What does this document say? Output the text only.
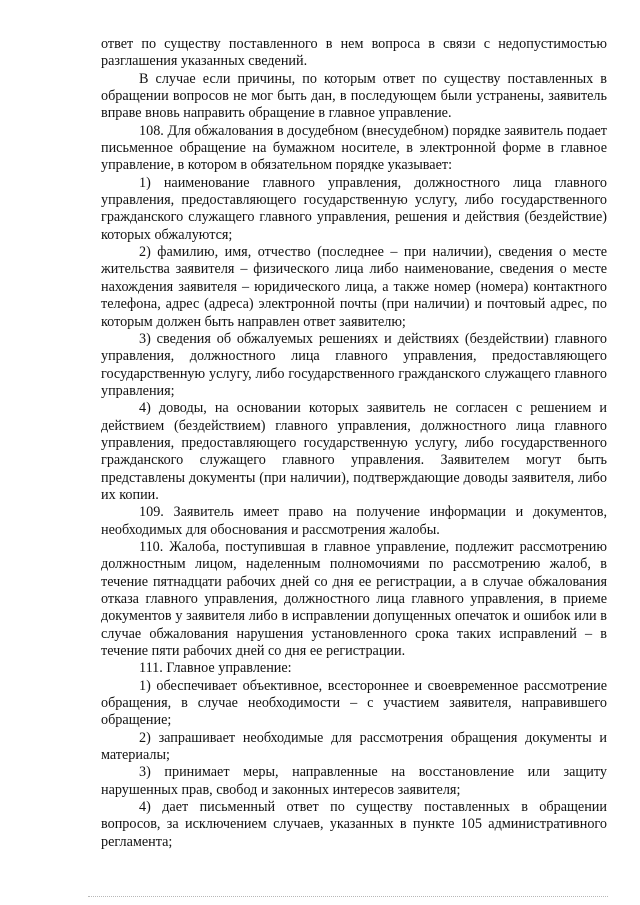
ответ по существу поставленного в нем вопроса в связи с недопустимостью разглашения указанных сведений.

В случае если причины, по которым ответ по существу поставленных в обращении вопросов не мог быть дан, в последующем были устранены, заявитель вправе вновь направить обращение в главное управление.

108. Для обжалования в досудебном (внесудебном) порядке заявитель подает письменное обращение на бумажном носителе, в электронной форме в главное управление, в котором в обязательном порядке указывает:

1) наименование главного управления, должностного лица главного управления, предоставляющего государственную услугу, либо государственного гражданского служащего главного управления, решения и действия (бездействие) которых обжалуются;

2) фамилию, имя, отчество (последнее – при наличии), сведения о месте жительства заявителя – физического лица либо наименование, сведения о месте нахождения заявителя – юридического лица, а также номер (номера) контактного телефона, адрес (адреса) электронной почты (при наличии) и почтовый адрес, по которым должен быть направлен ответ заявителю;

3) сведения об обжалуемых решениях и действиях (бездействии) главного управления, должностного лица главного управления, предоставляющего государственную услугу, либо государственного гражданского служащего главного управления;

4) доводы, на основании которых заявитель не согласен с решением и действием (бездействием) главного управления, должностного лица главного управления, предоставляющего государственную услугу, либо государственного гражданского служащего главного управления. Заявителем могут быть представлены документы (при наличии), подтверждающие доводы заявителя, либо их копии.

109. Заявитель имеет право на получение информации и документов, необходимых для обоснования и рассмотрения жалобы.

110. Жалоба, поступившая в главное управление, подлежит рассмотрению должностным лицом, наделенным полномочиями по рассмотрению жалоб, в течение пятнадцати рабочих дней со дня ее регистрации, а в случае обжалования отказа главного управления, должностного лица главного управления, в приеме документов у заявителя либо в исправлении допущенных опечаток и ошибок или в случае обжалования нарушения установленного срока таких исправлений – в течение пяти рабочих дней со дня ее регистрации.

111. Главное управление:

1) обеспечивает объективное, всестороннее и своевременное рассмотрение обращения, в случае необходимости – с участием заявителя, направившего обращение;

2) запрашивает необходимые для рассмотрения обращения документы и материалы;

3) принимает меры, направленные на восстановление или защиту нарушенных прав, свобод и законных интересов заявителя;

4) дает письменный ответ по существу поставленных в обращении вопросов, за исключением случаев, указанных в пункте 105 административного регламента;
